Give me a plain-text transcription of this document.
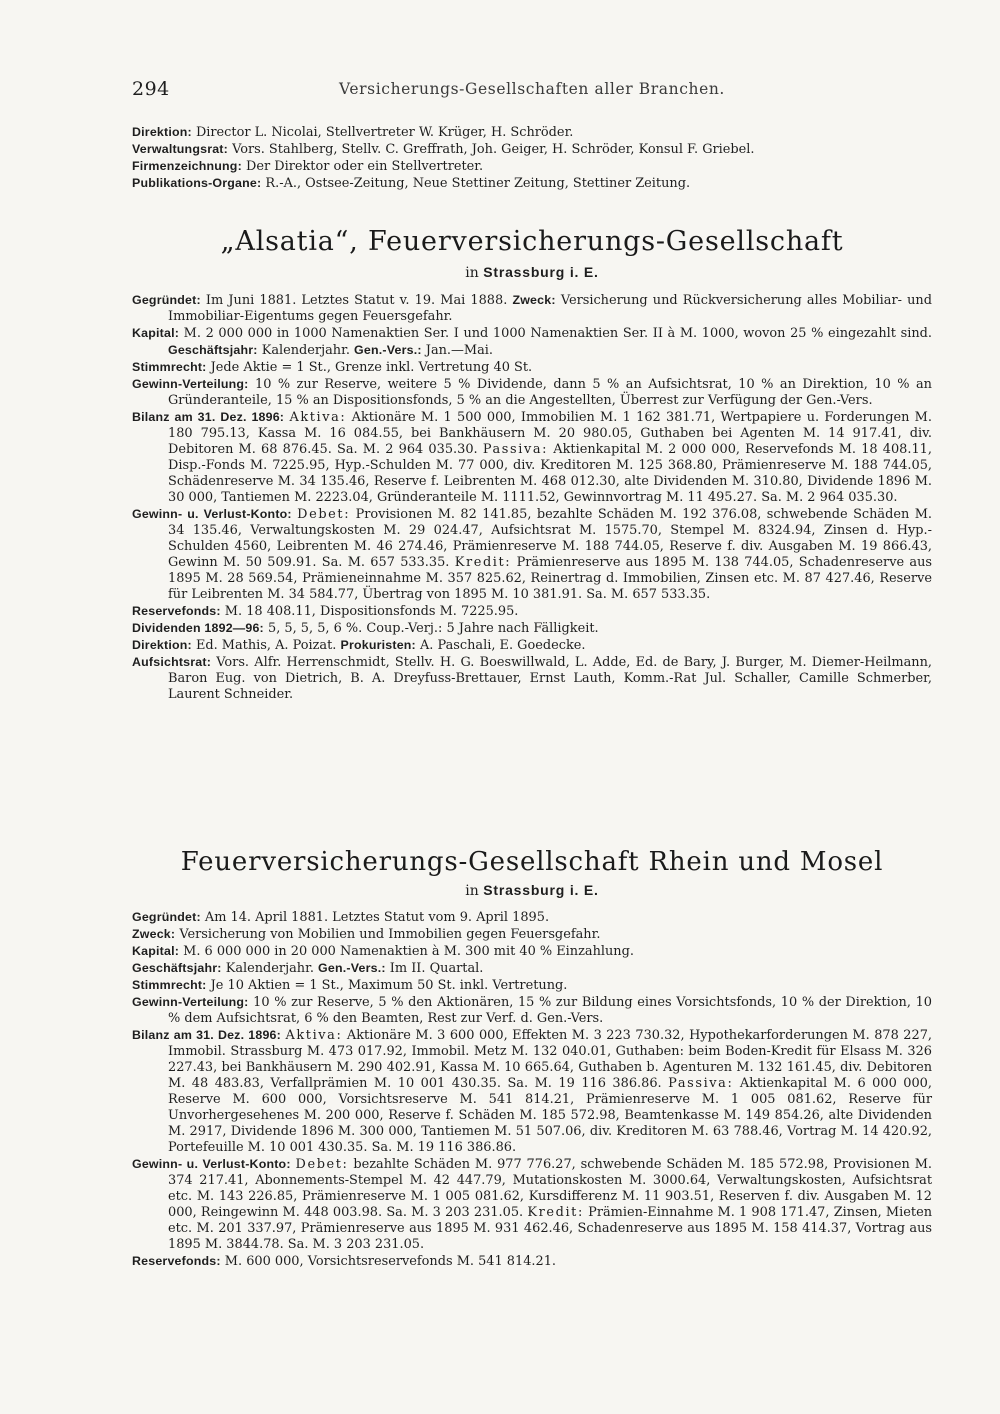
294	Versicherungs-Gesellschaften aller Branchen.

Direktion: Director L. Nicolai, Stellvertreter W. Krüger, H. Schröder.

Verwaltungsrat: Vors. Stahlberg, Stellv. C. Greffrath, Joh. Geiger, H. Schröder, Konsul F. Griebel.

Firmenzeichnung: Der Direktor oder ein Stellvertreter.

Publikations-Organe: R.-A., Ostsee-Zeitung, Neue Stettiner Zeitung, Stettiner Zeitung.

„Alsatia“, Feuerversicherungs-Gesellschaft
in Strassburg i. E.

Gegründet: Im Juni 1881. Letztes Statut v. 19. Mai 1888. Zweck: Versicherung und Rückversicherung alles Mobiliar- und Immobiliar-Eigentums gegen Feuersgefahr.

Kapital: M. 2 000 000 in 1000 Namenaktien Ser. I und 1000 Namenaktien Ser. II à M. 1000, wovon 25 % eingezahlt sind. Geschäftsjahr: Kalenderjahr. Gen.-Vers.: Jan.—Mai.

Stimmrecht: Jede Aktie = 1 St., Grenze inkl. Vertretung 40 St.

Gewinn-Verteilung: 10 % zur Reserve, weitere 5 % Dividende, dann 5 % an Aufsichtsrat, 10 % an Direktion, 10 % an Gründeranteile, 15 % an Dispositionsfonds, 5 % an die Angestellten, Überrest zur Verfügung der Gen.-Vers.

Bilanz am 31. Dez. 1896: Aktiva: Aktionäre M. 1 500 000, Immobilien M. 1 162 381.71, Wertpapiere u. Forderungen M. 180 795.13, Kassa M. 16 084.55, bei Bankhäusern M. 20 980.05, Guthaben bei Agenten M. 14 917.41, div. Debitoren M. 68 876.45. Sa. M. 2 964 035.30. Passiva: Aktienkapital M. 2 000 000, Reservefonds M. 18 408.11, Disp.-Fonds M. 7225.95, Hyp.-Schulden M. 77 000, div. Kreditoren M. 125 368.80, Prämienreserve M. 188 744.05, Schädenreserve M. 34 135.46, Reserve f. Leibrenten M. 468 012.30, alte Dividenden M. 310.80, Dividende 1896 M. 30 000, Tantiemen M. 2223.04, Gründeranteile M. 1111.52, Gewinnvortrag M. 11 495.27. Sa. M. 2 964 035.30.

Gewinn- u. Verlust-Konto: Debet: Provisionen M. 82 141.85, bezahlte Schäden M. 192 376.08, schwebende Schäden M. 34 135.46, Verwaltungskosten M. 29 024.47, Aufsichtsrat M. 1575.70, Stempel M. 8324.94, Zinsen d. Hyp.-Schulden 4560, Leibrenten M. 46 274.46, Prämienreserve M. 188 744.05, Reserve f. div. Ausgaben M. 19 866.43, Gewinn M. 50 509.91. Sa. M. 657 533.35. Kredit: Prämienreserve aus 1895 M. 138 744.05, Schadenreserve aus 1895 M. 28 569.54, Prämieneinnahme M. 357 825.62, Reinertrag d. Immobilien, Zinsen etc. M. 87 427.46, Reserve für Leibrenten M. 34 584.77, Übertrag von 1895 M. 10 381.91. Sa. M. 657 533.35.

Reservefonds: M. 18 408.11, Dispositionsfonds M. 7225.95.

Dividenden 1892—96: 5, 5, 5, 5, 6 %. Coup.-Verj.: 5 Jahre nach Fälligkeit.

Direktion: Ed. Mathis, A. Poizat. Prokuristen: A. Paschali, E. Goedecke.

Aufsichtsrat: Vors. Alfr. Herrenschmidt, Stellv. H. G. Boeswillwald, L. Adde, Ed. de Bary, J. Burger, M. Diemer-Heilmann, Baron Eug. von Dietrich, B. A. Dreyfuss-Brettauer, Ernst Lauth, Komm.-Rat Jul. Schaller, Camille Schmerber, Laurent Schneider.

Feuerversicherungs-Gesellschaft Rhein und Mosel
in Strassburg i. E.

Gegründet: Am 14. April 1881. Letztes Statut vom 9. April 1895.

Zweck: Versicherung von Mobilien und Immobilien gegen Feuersgefahr.

Kapital: M. 6 000 000 in 20 000 Namenaktien à M. 300 mit 40 % Einzahlung.

Geschäftsjahr: Kalenderjahr. Gen.-Vers.: Im II. Quartal.

Stimmrecht: Je 10 Aktien = 1 St., Maximum 50 St. inkl. Vertretung.

Gewinn-Verteilung: 10 % zur Reserve, 5 % den Aktionären, 15 % zur Bildung eines Vorsichtsfonds, 10 % der Direktion, 10 % dem Aufsichtsrat, 6 % den Beamten, Rest zur Verf. d. Gen.-Vers.

Bilanz am 31. Dez. 1896: Aktiva: Aktionäre M. 3 600 000, Effekten M. 3 223 730.32, Hypothekarforderungen M. 878 227, Immobil. Strassburg M. 473 017.92, Immobil. Metz M. 132 040.01, Guthaben: beim Boden-Kredit für Elsass M. 326 227.43, bei Bankhäusern M. 290 402.91, Kassa M. 10 665.64, Guthaben b. Agenturen M. 132 161.45, div. Debitoren M. 48 483.83, Verfallprämien M. 10 001 430.35. Sa. M. 19 116 386.86. Passiva: Aktienkapital M. 6 000 000, Reserve M. 600 000, Vorsichtsreserve M. 541 814.21, Prämienreserve M. 1 005 081.62, Reserve für Unvorhergesehenes M. 200 000, Reserve f. Schäden M. 185 572.98, Beamtenkasse M. 149 854.26, alte Dividenden M. 2917, Dividende 1896 M. 300 000, Tantiemen M. 51 507.06, div. Kreditoren M. 63 788.46, Vortrag M. 14 420.92, Portefeuille M. 10 001 430.35. Sa. M. 19 116 386.86.

Gewinn- u. Verlust-Konto: Debet: bezahlte Schäden M. 977 776.27, schwebende Schäden M. 185 572.98, Provisionen M. 374 217.41, Abonnements-Stempel M. 42 447.79, Mutationskosten M. 3000.64, Verwaltungskosten, Aufsichtsrat etc. M. 143 226.85, Prämienreserve M. 1 005 081.62, Kursdifferenz M. 11 903.51, Reserven f. div. Ausgaben M. 12 000, Reingewinn M. 448 003.98. Sa. M. 3 203 231.05. Kredit: Prämien-Einnahme M. 1 908 171.47, Zinsen, Mieten etc. M. 201 337.97, Prämienreserve aus 1895 M. 931 462.46, Schadenreserve aus 1895 M. 158 414.37, Vortrag aus 1895 M. 3844.78. Sa. M. 3 203 231.05.

Reservefonds: M. 600 000, Vorsichtsreservefonds M. 541 814.21.
